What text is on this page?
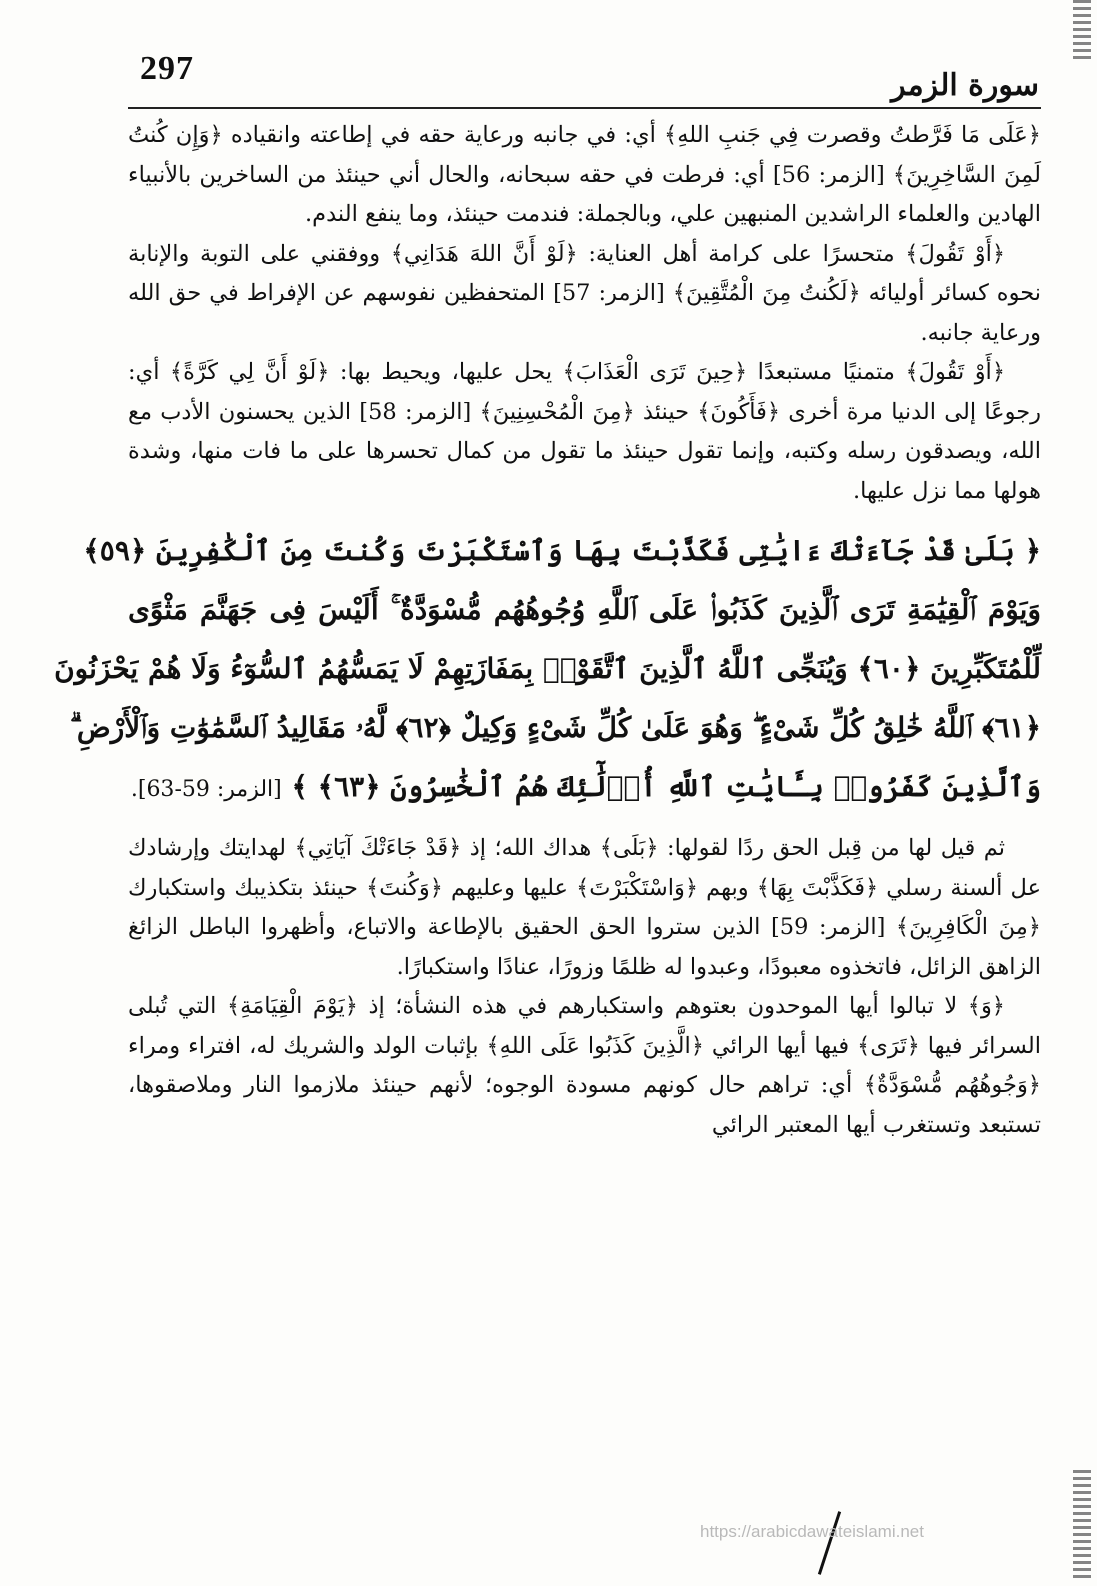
297	سورة الزمر

﴿عَلَى مَا فَرَّطتُ وقصرت فِي جَنبِ اللهِ﴾ أي: في جانبه ورعاية حقه في إطاعته وانقياده ﴿وَإِن كُنتُ لَمِنَ السَّاخِرِينَ﴾ [الزمر: 56] أي: فرطت في حقه سبحانه، والحال أني حينئذ من الساخرين بالأنبياء الهادين والعلماء الراشدين المنبهين علي، وبالجملة: فندمت حينئذ، وما ينفع الندم.

﴿أَوْ تَقُولَ﴾ متحسرًا على كرامة أهل العناية: ﴿لَوْ أَنَّ اللهَ هَدَانِي﴾ ووفقني على التوبة والإنابة نحوه كسائر أوليائه ﴿لَكُنتُ مِنَ الْمُتَّقِينَ﴾ [الزمر: 57] المتحفظين نفوسهم عن الإفراط في حق الله ورعاية جانبه.

﴿أَوْ تَقُولَ﴾ متمنيًا مستبعدًا ﴿حِينَ تَرَى الْعَذَابَ﴾ يحل عليها، ويحيط بها: ﴿لَوْ أَنَّ لِي كَرَّةً﴾ أي: رجوعًا إلى الدنيا مرة أخرى ﴿فَأَكُونَ﴾ حينئذ ﴿مِنَ الْمُحْسِنِينَ﴾ [الزمر: 58] الذين يحسنون الأدب مع الله، ويصدقون رسله وكتبه، وإنما تقول حينئذ ما تقول من كمال تحسرها على ما فات منها، وشدة هولها مما نزل عليها.

﴿ بَلَىٰ قَدْ جَآءَتْكَ ءَايَٰتِى فَكَذَّبْتَ بِهَا وَٱسْتَكْبَرْتَ وَكُنتَ مِنَ ٱلْكَٰفِرِينَ ﴿٥٩﴾
وَيَوْمَ ٱلْقِيَٰمَةِ تَرَى ٱلَّذِينَ كَذَبُوا۟ عَلَى ٱللَّهِ وُجُوهُهُم مُّسْوَدَّةٌ ۚ أَلَيْسَ فِى جَهَنَّمَ مَثْوًى
لِّلْمُتَكَبِّرِينَ ﴿٦٠﴾ وَيُنَجِّى ٱللَّهُ ٱلَّذِينَ ٱتَّقَوْا۟ بِمَفَازَتِهِمْ لَا يَمَسُّهُمُ ٱلسُّوٓءُ وَلَا هُمْ يَحْزَنُونَ
﴿٦١﴾ ٱللَّهُ خَٰلِقُ كُلِّ شَىْءٍ ۖ وَهُوَ عَلَىٰ كُلِّ شَىْءٍ وَكِيلٌ ﴿٦٢﴾ لَّهُۥ مَقَالِيدُ ٱلسَّمَٰوَٰتِ وَٱلْأَرْضِ ۗ
وَٱلَّذِينَ كَفَرُوا۟ بِـَٔايَٰتِ ٱللَّهِ أُو۟لَٰٓئِكَ هُمُ ٱلْخَٰسِرُونَ ﴿٦٣﴾ ﴾ [الزمر: 59-63].

ثم قيل لها من قِبل الحق ردًا لقولها: ﴿بَلَى﴾ هداك الله؛ إذ ﴿قَدْ جَاءَتْكَ آيَاتِي﴾ لهدايتك وإرشادك عل ألسنة رسلي ﴿فَكَذَّبْتَ بِهَا﴾ وبهم ﴿وَاسْتَكْبَرْتَ﴾ عليها وعليهم ﴿وَكُنتَ﴾ حينئذ بتكذيبك واستكبارك ﴿مِنَ الْكَافِرِينَ﴾ [الزمر: 59] الذين ستروا الحق الحقيق بالإطاعة والاتباع، وأظهروا الباطل الزائغ الزاهق الزائل، فاتخذوه معبودًا، وعبدوا له ظلمًا وزورًا، عنادًا واستكبارًا.

﴿وَ﴾ لا تبالوا أيها الموحدون بعتوهم واستكبارهم في هذه النشأة؛ إذ ﴿يَوْمَ الْقِيَامَةِ﴾ التي تُبلى السرائر فيها ﴿تَرَى﴾ فيها أيها الرائي ﴿الَّذِينَ كَذَبُوا عَلَى اللهِ﴾ بإثبات الولد والشريك له، افتراء ومراء ﴿وَجُوهُهُم مُّسْوَدَّةٌ﴾ أي: تراهم حال كونهم مسودة الوجوه؛ لأنهم حينئذ ملازموا النار وملاصقوها، تستبعد وتستغرب أيها المعتبر الرائي

https://arabicdawateislami.net
